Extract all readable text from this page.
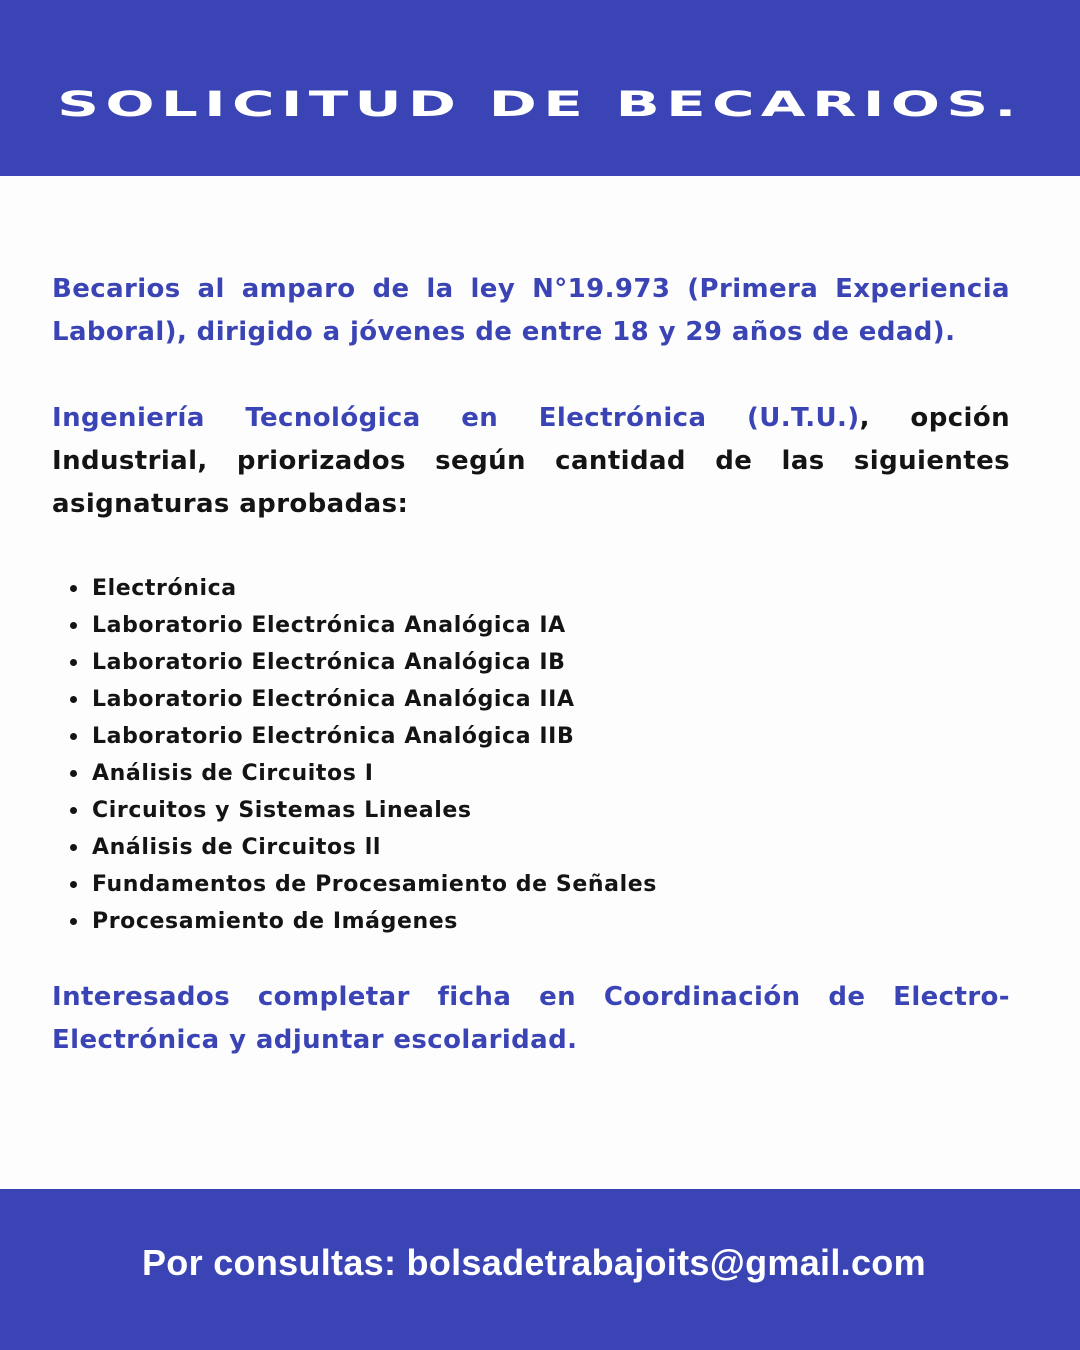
SOLICITUD DE BECARIOS.

Becarios al amparo de la ley N°19.973 (Primera Experiencia Laboral), dirigido a jóvenes de entre 18 y 29 años de edad).

Ingeniería Tecnológica en Electrónica (U.T.U.), opción Industrial, priorizados según cantidad de las siguientes asignaturas aprobadas:

Electrónica
Laboratorio Electrónica Analógica IA
Laboratorio Electrónica Analógica IB
Laboratorio Electrónica Analógica IIA
Laboratorio Electrónica Analógica IIB
Análisis de Circuitos I
Circuitos y Sistemas Lineales
Análisis de Circuitos ll
Fundamentos de Procesamiento de Señales
Procesamiento de Imágenes

Interesados completar ficha en Coordinación de Electro-Electrónica y adjuntar escolaridad.

Por consultas: bolsadetrabajoits@gmail.com
